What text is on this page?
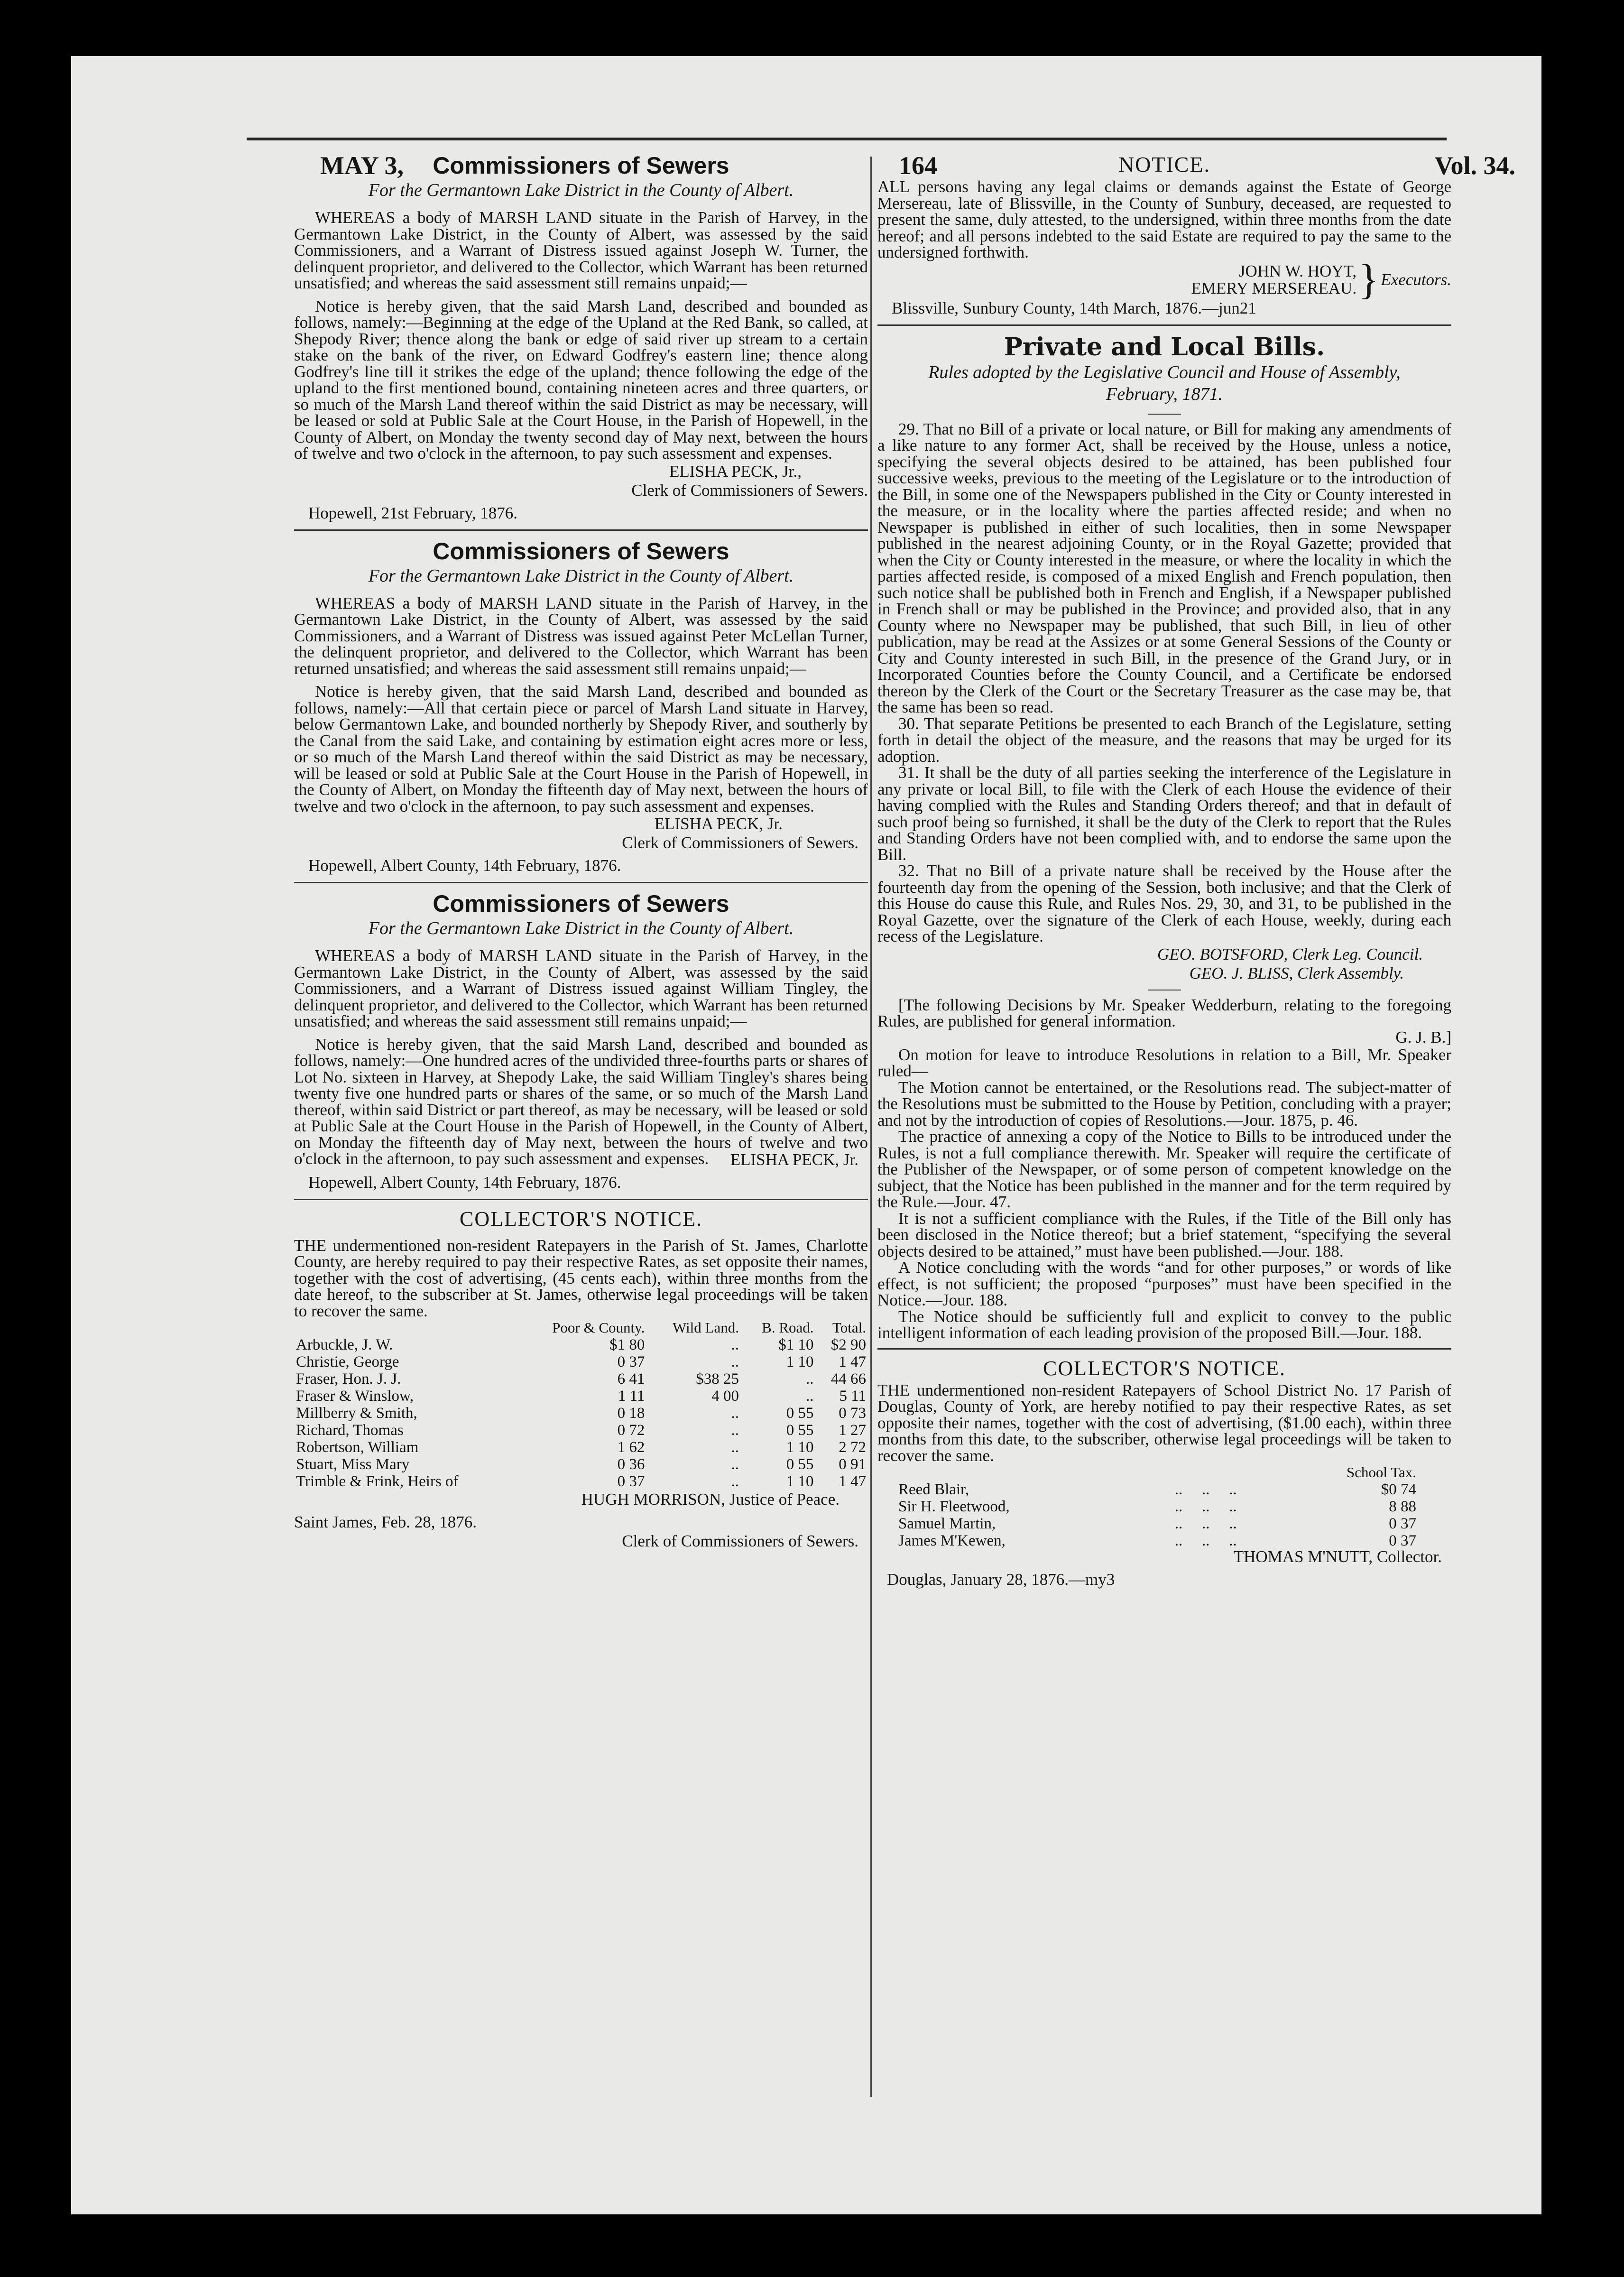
MAY 3,	164	Vol. 34.

Commissioners of Sewers

For the Germantown Lake District in the County of Albert.

WHEREAS a body of MARSH LAND situate in the Parish of Harvey, in the Germantown Lake District, in the County of Albert, was assessed by the said Commissioners, and a Warrant of Distress issued against Joseph W. Turner, the delinquent proprietor, and delivered to the Collector, which Warrant has been returned unsatisfied; and whereas the said assessment still remains unpaid;—

Notice is hereby given, that the said Marsh Land, described and bounded as follows, namely:—Beginning at the edge of the Upland at the Red Bank, so called, at Shepody River; thence along the bank or edge of said river up stream to a certain stake on the bank of the river, on Edward Godfrey's eastern line; thence along Godfrey's line till it strikes the edge of the upland; thence following the edge of the upland to the first mentioned bound, containing nineteen acres and three quarters, or so much of the Marsh Land thereof within the said District as may be necessary, will be leased or sold at Public Sale at the Court House, in the Parish of Hopewell, in the County of Albert, on Monday the twenty second day of May next, between the hours of twelve and two o'clock in the afternoon, to pay such assessment and expenses.

ELISHA PECK, Jr.,

Clerk of Commissioners of Sewers.

Hopewell, 21st February, 1876.

Commissioners of Sewers

For the Germantown Lake District in the County of Albert.

WHEREAS a body of MARSH LAND situate in the Parish of Harvey, in the Germantown Lake District, in the County of Albert, was assessed by the said Commissioners, and a Warrant of Distress was issued against Peter McLellan Turner, the delinquent proprietor, and delivered to the Collector, which Warrant has been returned unsatisfied; and whereas the said assessment still remains unpaid;—

Notice is hereby given, that the said Marsh Land, described and bounded as follows, namely:—All that certain piece or parcel of Marsh Land situate in Harvey, below Germantown Lake, and bounded northerly by Shepody River, and southerly by the Canal from the said Lake, and containing by estimation eight acres more or less, or so much of the Marsh Land thereof within the said District as may be necessary, will be leased or sold at Public Sale at the Court House in the Parish of Hopewell, in the County of Albert, on Monday the fifteenth day of May next, between the hours of twelve and two o'clock in the afternoon, to pay such assessment and expenses.

ELISHA PECK, Jr.

Clerk of Commissioners of Sewers.

Hopewell, Albert County, 14th February, 1876.

Commissioners of Sewers

For the Germantown Lake District in the County of Albert.

WHEREAS a body of MARSH LAND situate in the Parish of Harvey, in the Germantown Lake District, in the County of Albert, was assessed by the said Commissioners, and a Warrant of Distress issued against William Tingley, the delinquent proprietor, and delivered to the Collector, which Warrant has been returned unsatisfied; and whereas the said assessment still remains unpaid;—

Notice is hereby given, that the said Marsh Land, described and bounded as follows, namely:—One hundred acres of the undivided three-fourths parts or shares of Lot No. sixteen in Harvey, at Shepody Lake, the said William Tingley's shares being twenty five one hundred parts or shares of the same, or so much of the Marsh Land thereof, within said District or part thereof, as may be necessary, will be leased or sold at Public Sale at the Court House in the Parish of Hopewell, in the County of Albert, on Monday the fifteenth day of May next, between the hours of twelve and two o'clock in the afternoon, to pay such assessment and expenses.	ELISHA PECK, Jr.

Hopewell, Albert County, 14th February, 1876.

COLLECTOR'S NOTICE.

THE undermentioned non-resident Ratepayers in the Parish of St. James, Charlotte County, are hereby required to pay their respective Rates, as set opposite their names, together with the cost of advertising, (45 cents each), within three months from the date hereof, to the subscriber at St. James, otherwise legal proceedings will be taken to recover the same.

	Poor & County.	Wild Land.	B. Road.	Total.
Arbuckle, J. W.	$1 80	..	$1 10	$2 90
Christie, George	0 37	..	1 10	1 47
Fraser, Hon. J. J.	6 41	$38 25	..	44 66
Fraser & Winslow,	1 11	4 00	..	5 11
Millberry & Smith,	0 18	..	0 55	0 73
Richard, Thomas	0 72	..	0 55	1 27
Robertson, William	1 62	..	1 10	2 72
Stuart, Miss Mary	0 36	..	0 55	0 91
Trimble & Frink, Heirs of	0 37	..	1 10	1 47

HUGH MORRISON, Justice of Peace.

Saint James, Feb. 28, 1876.

Clerk of Commissioners of Sewers.

NOTICE.

ALL persons having any legal claims or demands against the Estate of George Mersereau, late of Blissville, in the County of Sunbury, deceased, are requested to present the same, duly attested, to the undersigned, within three months from the date hereof; and all persons indebted to the said Estate are required to pay the same to the undersigned forthwith.

JOHN W. HOYT,
EMERY MERSEREAU. } Executors.

Blissville, Sunbury County, 14th March, 1876.—jun21

Private and Local Bills.

Rules adopted by the Legislative Council and House of Assembly, February, 1871.

29. That no Bill of a private or local nature, or Bill for making any amendments of a like nature to any former Act, shall be received by the House, unless a notice, specifying the several objects desired to be attained, has been published four successive weeks, previous to the meeting of the Legislature or to the introduction of the Bill, in some one of the Newspapers published in the City or County interested in the measure, or in the locality where the parties affected reside; and when no Newspaper is published in either of such localities, then in some Newspaper published in the nearest adjoining County, or in the Royal Gazette; provided that when the City or County interested in the measure, or where the locality in which the parties affected reside, is composed of a mixed English and French population, then such notice shall be published both in French and English, if a Newspaper published in French shall or may be published in the Province; and provided also, that in any County where no Newspaper may be published, that such Bill, in lieu of other publication, may be read at the Assizes or at some General Sessions of the County or City and County interested in such Bill, in the presence of the Grand Jury, or in Incorporated Counties before the County Council, and a Certificate be endorsed thereon by the Clerk of the Court or the Secretary Treasurer as the case may be, that the same has been so read.

30. That separate Petitions be presented to each Branch of the Legislature, setting forth in detail the object of the measure, and the reasons that may be urged for its adoption.

31. It shall be the duty of all parties seeking the interference of the Legislature in any private or local Bill, to file with the Clerk of each House the evidence of their having complied with the Rules and Standing Orders thereof; and that in default of such proof being so furnished, it shall be the duty of the Clerk to report that the Rules and Standing Orders have not been complied with, and to endorse the same upon the Bill.

32. That no Bill of a private nature shall be received by the House after the fourteenth day from the opening of the Session, both inclusive; and that the Clerk of this House do cause this Rule, and Rules Nos. 29, 30, and 31, to be published in the Royal Gazette, over the signature of the Clerk of each House, weekly, during each recess of the Legislature.

GEO. BOTSFORD, Clerk Leg. Council.

GEO. J. BLISS, Clerk Assembly.

[The following Decisions by Mr. Speaker Wedderburn, relating to the foregoing Rules, are published for general information.

G. J. B.]

On motion for leave to introduce Resolutions in relation to a Bill, Mr. Speaker ruled—

The Motion cannot be entertained, or the Resolutions read. The subject-matter of the Resolutions must be submitted to the House by Petition, concluding with a prayer; and not by the introduction of copies of Resolutions.—Jour. 1875, p. 46.

The practice of annexing a copy of the Notice to Bills to be introduced under the Rules, is not a full compliance therewith. Mr. Speaker will require the certificate of the Publisher of the Newspaper, or of some person of competent knowledge on the subject, that the Notice has been published in the manner and for the term required by the Rule.—Jour. 47.

It is not a sufficient compliance with the Rules, if the Title of the Bill only has been disclosed in the Notice thereof; but a brief statement, “specifying the several objects desired to be attained,” must have been published.—Jour. 188.

A Notice concluding with the words “and for other purposes,” or words of like effect, is not sufficient; the proposed “purposes” must have been specified in the Notice.—Jour. 188.

The Notice should be sufficiently full and explicit to convey to the public intelligent information of each leading provision of the proposed Bill.—Jour. 188.

COLLECTOR'S NOTICE.

THE undermentioned non-resident Ratepayers of School District No. 17 Parish of Douglas, County of York, are hereby notified to pay their respective Rates, as set opposite their names, together with the cost of advertising, ($1.00 each), within three months from this date, to the subscriber, otherwise legal proceedings will be taken to recover the same.

				School Tax.
Reed Blair,	..	..	..	$0 74
Sir H. Fleetwood,	..	..	..	8 88
Samuel Martin,	..	..	..	0 37
James M'Kewen,	..	..	..	0 37

THOMAS M'NUTT, Collector.

Douglas, January 28, 1876.—my3
